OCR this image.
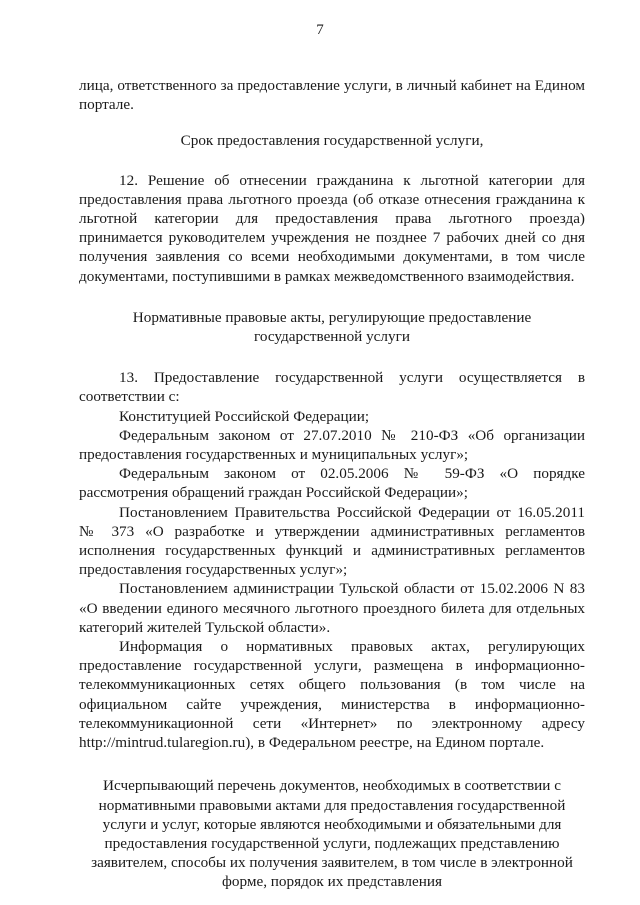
7

лица, ответственного за предоставление услуги, в личный кабинет на Едином портале.

Срок предоставления государственной услуги,

12. Решение об отнесении гражданина к льготной категории для предоставления права льготного проезда (об отказе отнесения гражданина к льготной категории для предоставления права льготного проезда) принимается руководителем учреждения не позднее 7 рабочих дней со дня получения заявления со всеми необходимыми документами, в том числе документами, поступившими в рамках межведомственного взаимодействия.

Нормативные правовые акты, регулирующие предоставление государственной услуги

13. Предоставление государственной услуги осуществляется в соответствии с:

Конституцией Российской Федерации;

Федеральным законом от 27.07.2010 № 210-ФЗ «Об организации предоставления государственных и муниципальных услуг»;

Федеральным законом от 02.05.2006 № 59-ФЗ «О порядке рассмотрения обращений граждан Российской Федерации»;

Постановлением Правительства Российской Федерации от 16.05.2011 № 373 «О разработке и утверждении административных регламентов исполнения государственных функций и административных регламентов предоставления государственных услуг»;

Постановлением администрации Тульской области от 15.02.2006 N 83 «О введении единого месячного льготного проездного билета для отдельных категорий жителей Тульской области».

Информация о нормативных правовых актах, регулирующих предоставление государственной услуги, размещена в информационно-телекоммуникационных сетях общего пользования (в том числе на официальном сайте учреждения, министерства в информационно-телекоммуникационной сети «Интернет» по электронному адресу http://mintrud.tularegion.ru), в Федеральном реестре, на Едином портале.

Исчерпывающий перечень документов, необходимых в соответствии с нормативными правовыми актами для предоставления государственной услуги и услуг, которые являются необходимыми и обязательными для предоставления государственной услуги, подлежащих представлению заявителем, способы их получения заявителем, в том числе в электронной форме, порядок их представления
